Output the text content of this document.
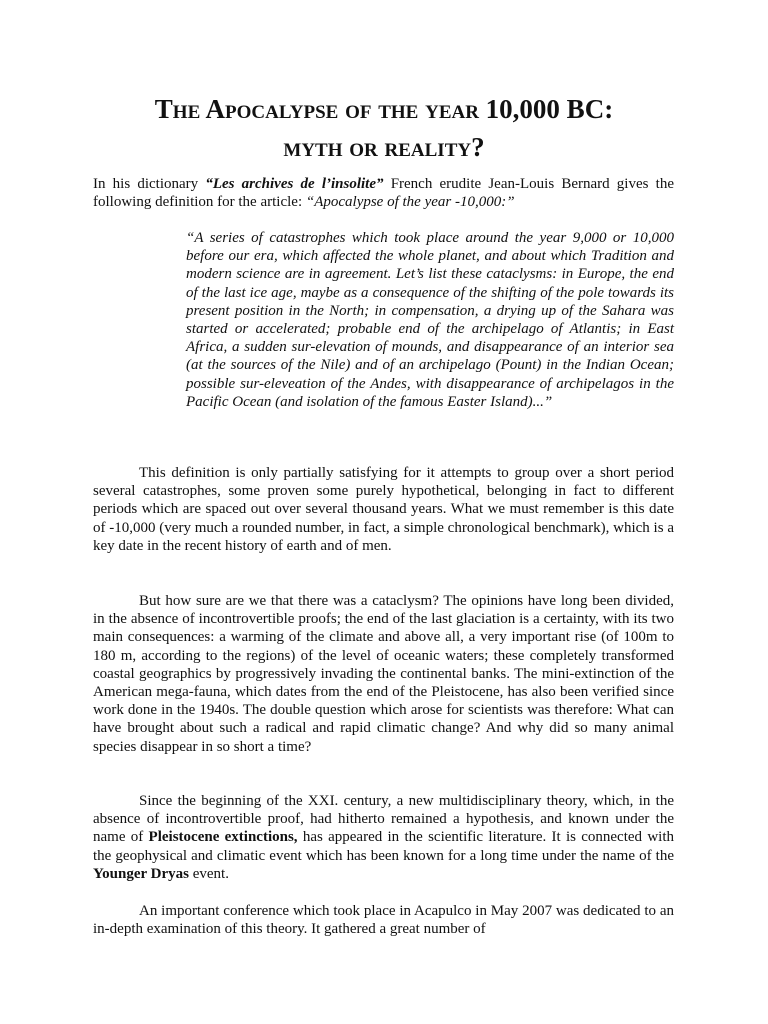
The Apocalypse of the year 10,000 BC:
myth or reality?

In his dictionary “Les archives de l’insolite” French erudite Jean-Louis Bernard gives the following definition for the article: “Apocalypse of the year -10,000:”

“A series of catastrophes which took place around the year 9,000 or 10,000 before our era, which affected the whole planet, and about which Tradition and modern science are in agreement. Let’s list these cataclysms: in Europe, the end of the last ice age, maybe as a consequence of the shifting of the pole towards its present position in the North; in compensation, a drying up of the Sahara was started or accelerated; probable end of the archipelago of Atlantis; in East Africa, a sudden sur-elevation of mounds, and disappearance of an interior sea (at the sources of the Nile) and of an archipelago (Pount) in the Indian Ocean; possible sur-eleveation of the Andes, with disappearance of archipelagos in the Pacific Ocean (and isolation of the famous Easter Island)...”

This definition is only partially satisfying for it attempts to group over a short period several catastrophes, some proven some purely hypothetical, belonging in fact to different periods which are spaced out over several thousand years. What we must remember is this date of -10,000 (very much a rounded number, in fact, a simple chronological benchmark), which is a key date in the recent history of earth and of men.

But how sure are we that there was a cataclysm? The opinions have long been divided, in the absence of incontrovertible proofs; the end of the last glaciation is a certainty, with its two main consequences: a warming of the climate and above all, a very important rise (of 100m to 180 m, according to the regions) of the level of oceanic waters; these completely transformed coastal geographics by progressively invading the continental banks. The mini-extinction of the American mega-fauna, which dates from the end of the Pleistocene, has also been verified since work done in the 1940s. The double question which arose for scientists was therefore: What can have brought about such a radical and rapid climatic change? And why did so many animal species disappear in so short a time?

Since the beginning of the XXI. century, a new multidisciplinary theory, which, in the absence of incontrovertible proof, had hitherto remained a hypothesis, and known under the name of Pleistocene extinctions, has appeared in the scientific literature. It is connected with the geophysical and climatic event which has been known for a long time under the name of the Younger Dryas event.

An important conference which took place in Acapulco in May 2007 was dedicated to an in-depth examination of this theory. It gathered a great number of
